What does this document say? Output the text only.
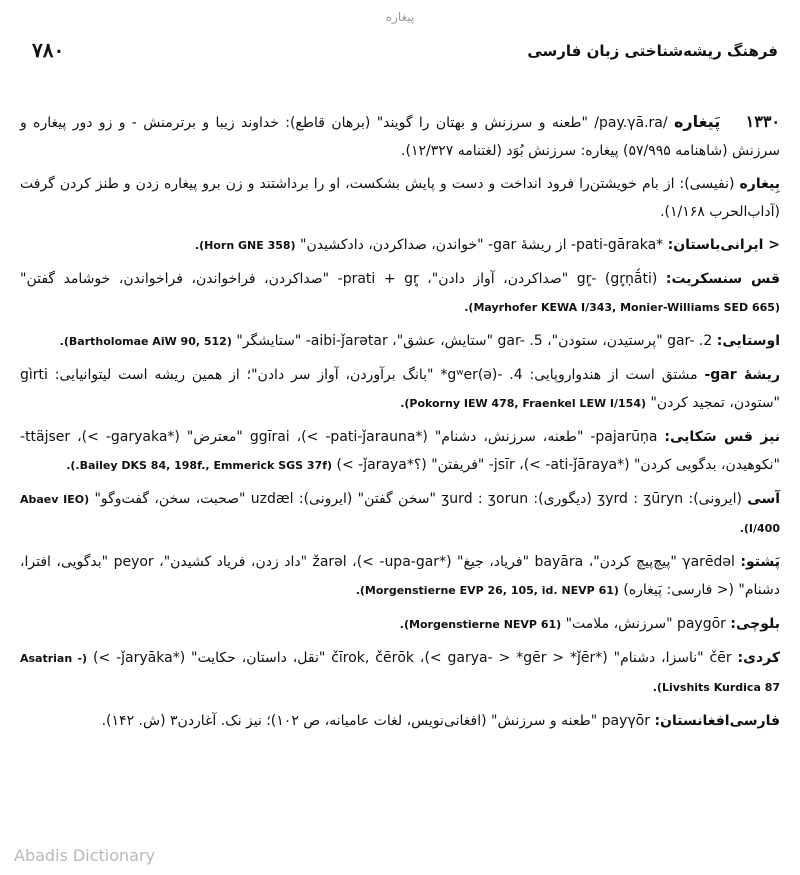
پیغاره
۷۸۰	فرهنگ ریشه‌شناختی زبان فارسی

۱۳۳۰    پَیغاره /pay.γā.ra/ "طعنه و سرزنش و بهتان را گویند" (برهان قاطع): خداوند زیبا و برترمنش - و زو دور پیغاره و سرزنش (شاهنامه ۵۷/۹۹۵) پیغاره: سرزنش بُوَد (لغتنامه ۱۲/۳۲۷).

بِیغاره (نفیسی): از بام خویشتن‌را فرود انداخت و دست و پایش بشکست، او را برداشتند و زن برو پیغاره زدن و طنز کردن گرفت (آداب‌الحرب ۱/۱۶۸).

< ایرانی‌باستان: *pati-gāraka- از ریشهٔ gar- "خواندن، صداکردن، دادکشیدن" (Horn GNE 358).

قس سنسکریت: gr̥- (gr̥ṇā́ti) "صداکردن، آواز دادن"، prati + gr̥- "صداکردن، فراخواندن، فراخواندن، خوشامد گفتن" (Mayrhofer KEWA I/343, Monier-Williams SED 665).

اوستایی: gar- .2 "پرستیدن، ستودن"، gar- .5 "ستایش، عشق"، aibi-ǰarǝtar- "ستایشگر" (Bartholomae AiW 90, 512).

ریشهٔ gar- مشتق است از هندواروپایی: gʷer(ǝ)- .4* "بانگ برآوردن، آواز سر دادن"؛ از همین ریشه است لیتوانیایی: gìrti "ستودن، تمجید کردن" (Pokorny IEW 478, Fraenkel LEW I/154).

نیز قس سَکایی: pajarūṇa- "طعنه، سرزنش، دشنام" (*pati-ǰarauna- >)، ggīrai "معترض" (*garyaka- >)، ttäjser- "نکوهیدن، بدگویی کردن" (*ati-ǰāraya- >)، jsīr- "فریفتن" (؟*ǰaraya- >) (Bailey DKS 84, 198f., Emmerick SGS 37f.).

آسی (ایرونی): ʒyrd : ʒūryn (دیگوری): ʒurd : ʒorun "سخن گفتن" (ایرونی): uzdæl "صحبت، سخن، گفت‌وگو" (Abaev IEO I/400).

پَشتو: γarēdǝl "پیچ‌پیچ کردن"، bayāra "فریاد، جیغ" (*upa-gar- >)، žarǝl "داد زدن، فریاد کشیدن"، peyor "بدگویی، افترا، دشنام" (< فارسی: پَیغاره) (Morgenstierne EVP 26, 105, id. NEVP 61).

بلوچی: paygōr "سرزنش، ملامت" (Morgenstierne NEVP 61).

کردی: čēr "ناسزا، دشنام" (*garya- > *gēr > *ǰēr >)، čīrok, čērōk "نقل، داستان، حکایت" (*ǰaryāka- >) (Asatrian - Livshits Kurdica 87).

فارسی‌افغانستان: payγōr "طعنه و سرزنش" (افغانی‌نویس، لغات عامیانه، ص ۱۰۲)؛ نیز نک. آغاردن۳ (ش. ۱۴۲).

Abadis Dictionary
